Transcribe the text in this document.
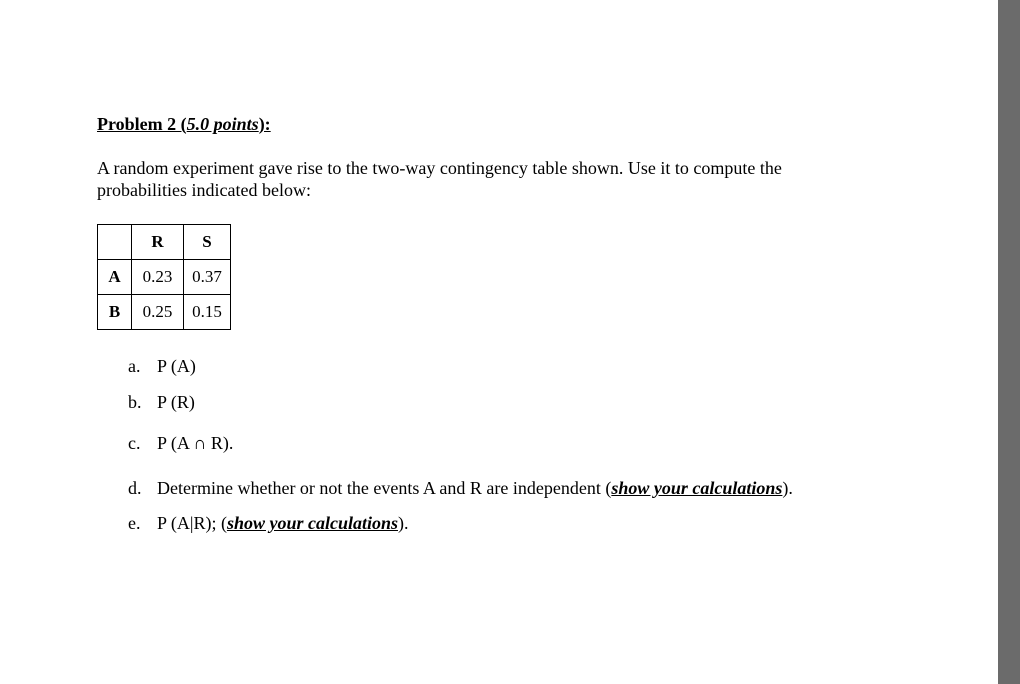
Problem 2 (5.0 points):
A random experiment gave rise to the two-way contingency table shown. Use it to compute the
probabilities indicated below:
	R	S
A	0.23	0.37
B	0.25	0.15
a. P (A)
b. P (R)
c. P (A ∩ R).
d. Determine whether or not the events A and R are independent (show your calculations).
e. P (A|R); (show your calculations).
